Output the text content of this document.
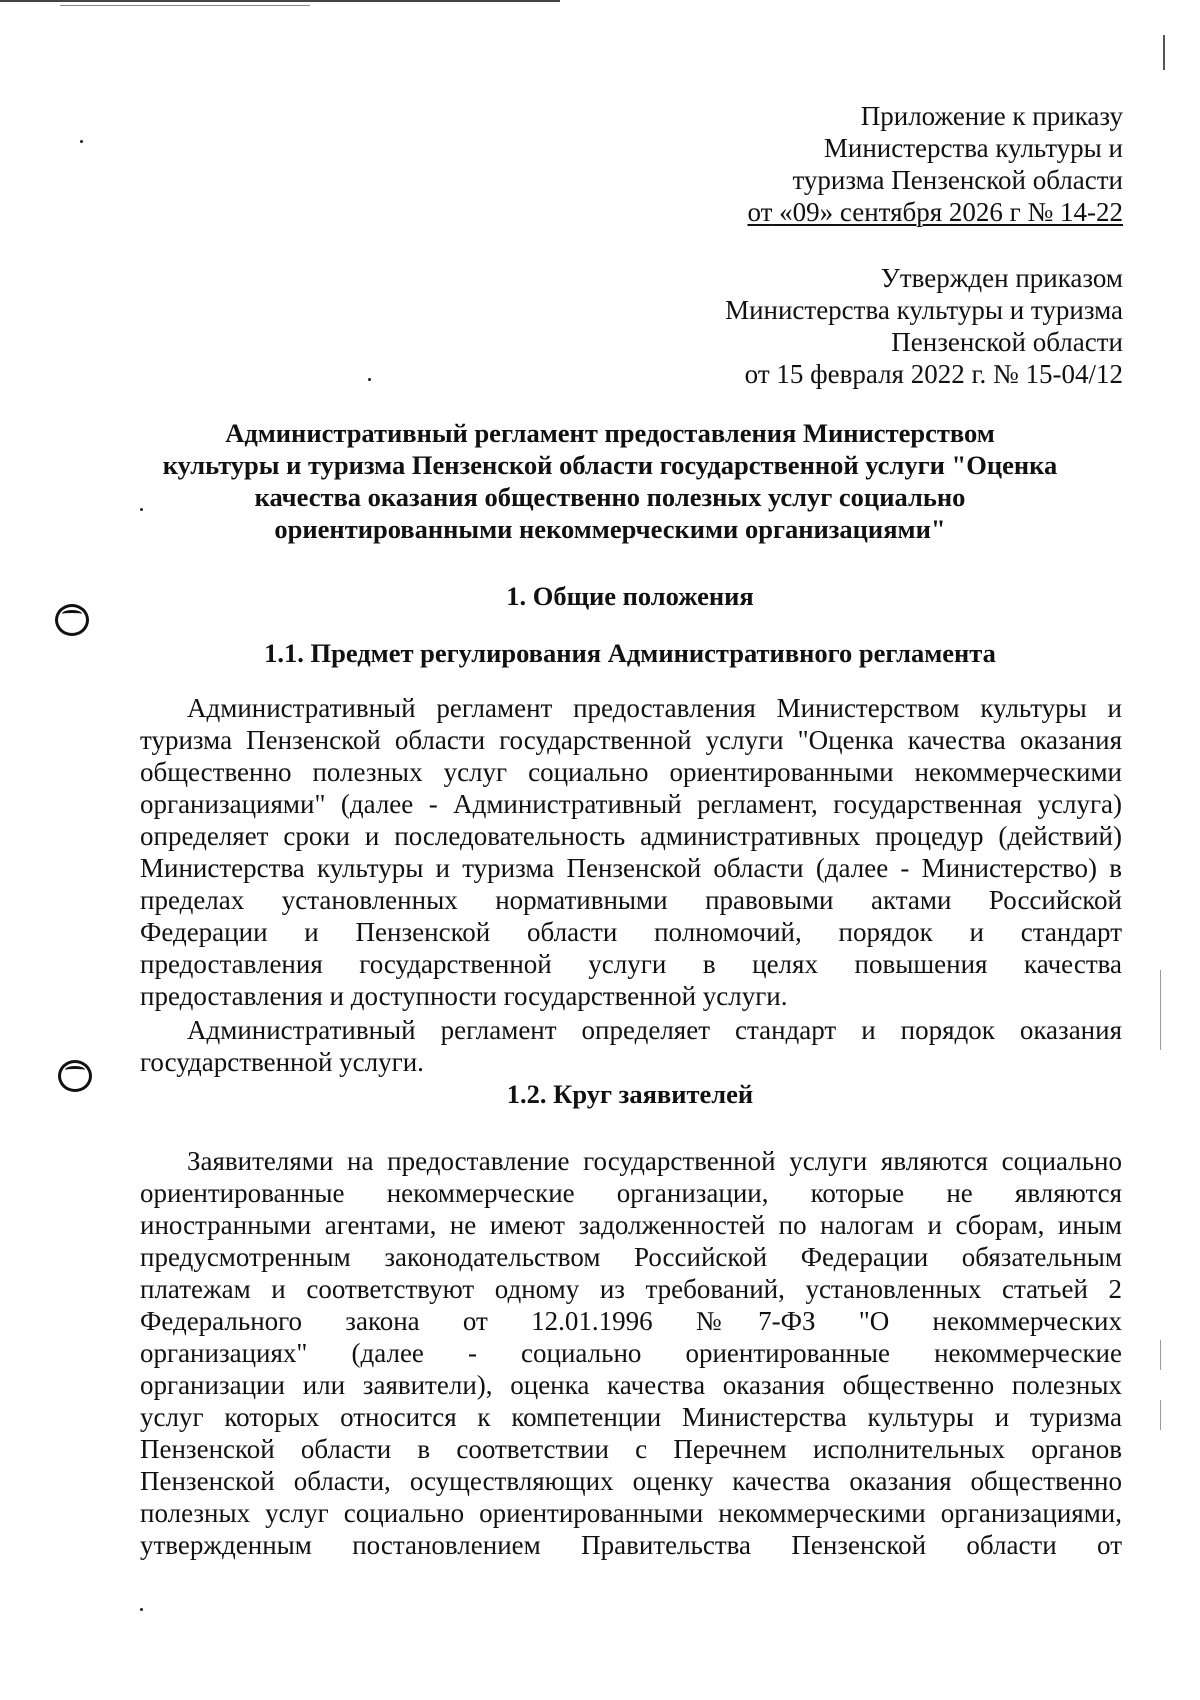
Приложение к приказу
Министерства культуры и
туризма Пензенской области
от «09» сентября 2026 г № 14-22
Утвержден приказом
Министерства культуры и туризма
Пензенской области
от 15 февраля 2022 г. № 15-04/12
Административный регламент предоставления Министерством
культуры и туризма Пензенской области государственной услуги "Оценка
качества оказания общественно полезных услуг социально
ориентированными некоммерческими организациями"
1. Общие положения
1.1. Предмет регулирования Административного регламента
Административный регламент предоставления Министерством культуры и
туризма Пензенской области государственной услуги "Оценка качества оказания
общественно полезных услуг социально ориентированными некоммерческими
организациями" (далее - Административный регламент, государственная услуга)
определяет сроки и последовательность административных процедур (действий)
Министерства культуры и туризма Пензенской области (далее - Министерство) в
пределах установленных нормативными правовыми актами Российской
Федерации и Пензенской области полномочий, порядок и стандарт
предоставления государственной услуги в целях повышения качества
предоставления и доступности государственной услуги.
Административный регламент определяет стандарт и порядок оказания
государственной услуги.
1.2. Круг заявителей
Заявителями на предоставление государственной услуги являются социально
ориентированные некоммерческие организации, которые не являются
иностранными агентами, не имеют задолженностей по налогам и сборам, иным
предусмотренным законодательством Российской Федерации обязательным
платежам и соответствуют одному из требований, установленных статьей 2
Федерального закона от 12.01.1996 №7-ФЗ "О некоммерческих
организациях" (далее - социально ориентированные некоммерческие
организации или заявители), оценка качества оказания общественно полезных
услуг которых относится к компетенции Министерства культуры и туризма
Пензенской области в соответствии с Перечнем исполнительных органов
Пензенской области, осуществляющих оценку качества оказания общественно
полезных услуг социально ориентированными некоммерческими организациями,
утвержденным постановлением Правительства Пензенской области от
